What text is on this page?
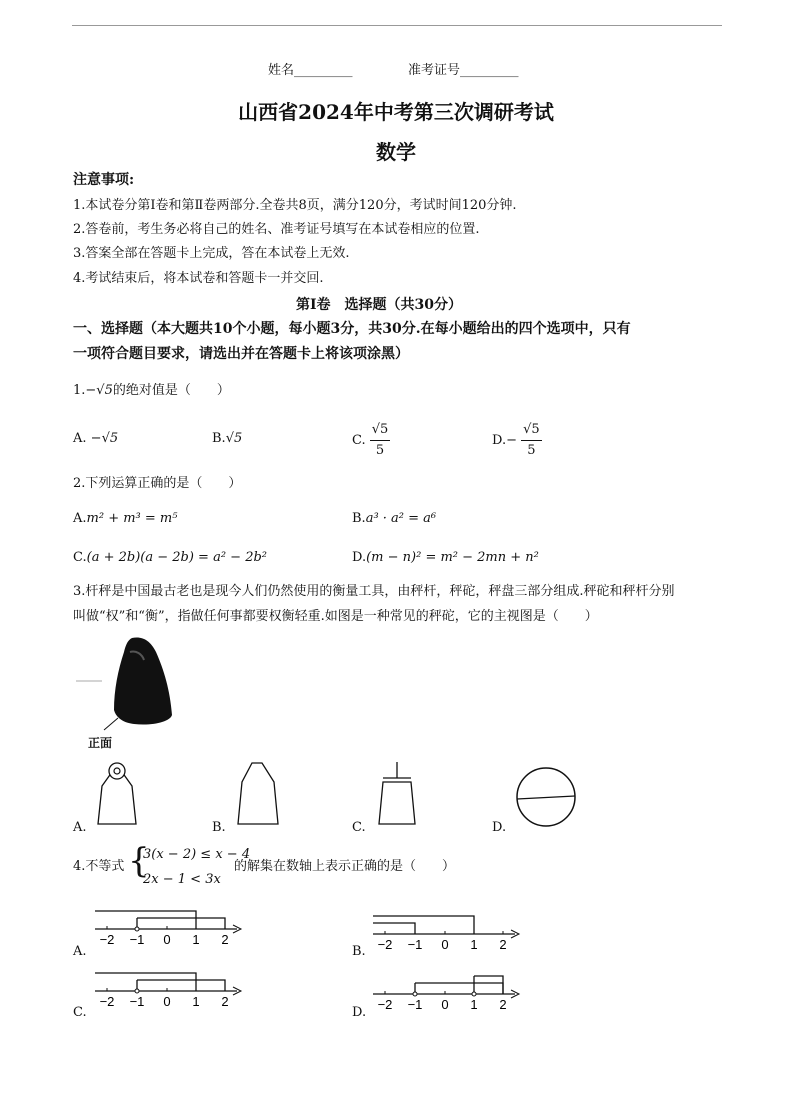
姓名_________	准考证号_________
山西省2024年中考第三次调研考试
数学
注意事项:
1.本试卷分第Ⅰ卷和第Ⅱ卷两部分.全卷共8页，满分120分，考试时间120分钟.
2.答卷前，考生务必将自己的姓名、准考证号填写在本试卷相应的位置.
3.答案全部在答题卡上完成，答在本试卷上无效.
4.考试结束后，将本试卷和答题卡一并交回.
第Ⅰ卷　选择题（共30分）
一、选择题（本大题共10个小题，每小题3分，共30分.在每小题给出的四个选项中，只有
一项符合题目要求，请选出并在答题卡上将该项涂黑）
1.−√5的绝对值是（　　）
A. −√5	B.√5	C. $\frac{√5}{5}$	$D.- \frac{√5}{5}$
2.下列运算正确的是（　　）
A.m² + m³ = m⁵	B.a³ · a² = a⁶
C.(a + 2b)(a − 2b) = a² − 2b²	D.(m − n)² = m² − 2mn + n²
3.杆秤是中国最古老也是现今人们仍然使用的衡量工具，由秤杆，秤砣，秤盘三部分组成.秤砣和秤杆分别
叫做“权”和“衡”，指做任何事都要权衡轻重.如图是一种常见的秤砣，它的主视图是（　　）
正面
A.	B.	C.	D.
4.不等式 {
3(x − 2) ≤ x − 4
2x − 1 < 3x
的解集在数轴上表示正确的是（　　）
−2 −1 0 1 2	−2 −1 0 1 2
−2 −1 0 1 2	−2 −1 0 1 2
A.	B.
C.	D.
